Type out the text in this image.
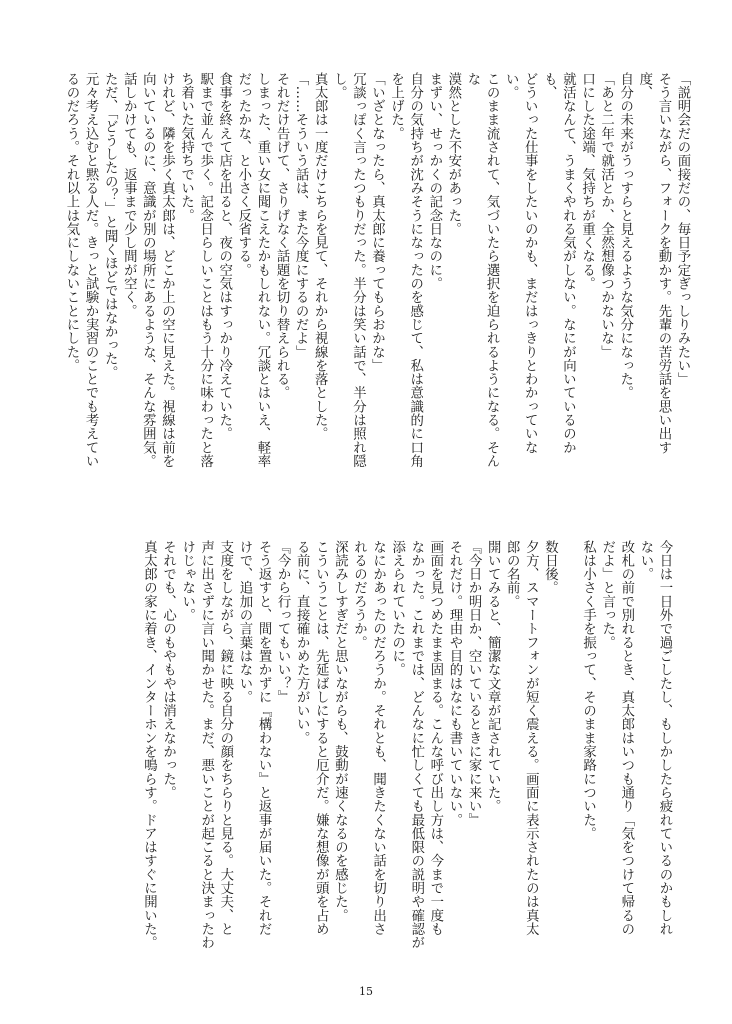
「説明会だの面接だの、毎日予定ぎっしりみたい」

そう言いながら、フォークを動かす。先輩の苦労話を思い出す度、

自分の未来がうっすらと見えるような気分になった。

「あと二年で就活とか、全然想像つかないな」

口にした途端、気持ちが重くなる。

就活なんて、うまくやれる気がしない。なにが向いているのかも、

どういった仕事をしたいのかも、まだはっきりとわかっていない。

このまま流されて、気づいたら選択を迫られるようになる。そんな

漠然とした不安があった。

まずい、せっかくの記念日なのに。

自分の気持ちが沈みそうになったのを感じて、私は意識的に口角

を上げた。

「いざとなったら、真太郎に養ってもらおかな」

冗談っぽく言ったつもりだった。半分は笑い話で、半分は照れ隠

し。

真太郎は一度だけこちらを見て、それから視線を落とした。

「……そういう話は、また今度にするのだよ」

それだけ告げて、さりげなく話題を切り替えられる。

しまった、重い女に聞こえたかもしれない。冗談とはいえ、軽率

だったかな、と小さく反省する。

食事を終えて店を出ると、夜の空気はすっかり冷えていた。

駅まで並んで歩く。記念日らしいことはもう十分に味わったと落

ち着いた気持ちでいた。

けれど、隣を歩く真太郎は、どこか上の空に見えた。視線は前を

向いているのに、意識が別の場所にあるような、そんな雰囲気。

話しかけても、返事まで少し間が空く。

ただ、「どうしたの？」と聞くほどではなかった。

元々考え込むと黙る人だ。きっと試験か実習のことでも考えてい

るのだろう。それ以上は気にしないことにした。

今日は一日外で過ごしたし、もしかしたら疲れているのかもしれ

ない。

改札の前で別れるとき、真太郎はいつも通り「気をつけて帰るの

だよ」と言った。

私は小さく手を振って、そのまま家路についた。

数日後。

夕方、スマートフォンが短く震える。画面に表示されたのは真太

郎の名前。

開いてみると、簡潔な文章が記されていた。

『今日か明日か、空いているときに家に来い』

それだけ。理由や目的はなにも書いていない。

画面を見つめたまま固まる。こんな呼び出し方は、今まで一度も

なかった。これまでは、どんなに忙しくても最低限の説明や確認が

添えられていたのに。

なにかあったのだろうか。それとも、聞きたくない話を切り出さ

れるのだろうか。

深読みしすぎだと思いながらも、鼓動が速くなるのを感じた。

こういうことは、先延ばしにすると厄介だ。嫌な想像が頭を占め

る前に、直接確かめた方がいい。

『今から行ってもいい？』

そう返すと、間を置かずに『構わない』と返事が届いた。それだ

けで、追加の言葉はない。

支度をしながら、鏡に映る自分の顔をちらりと見る。大丈夫、と

声に出さずに言い聞かせた。まだ、悪いことが起こると決まったわ

けじゃない。

それでも、心のもやもやは消えなかった。

真太郎の家に着き、インターホンを鳴らす。ドアはすぐに開いた。

15
